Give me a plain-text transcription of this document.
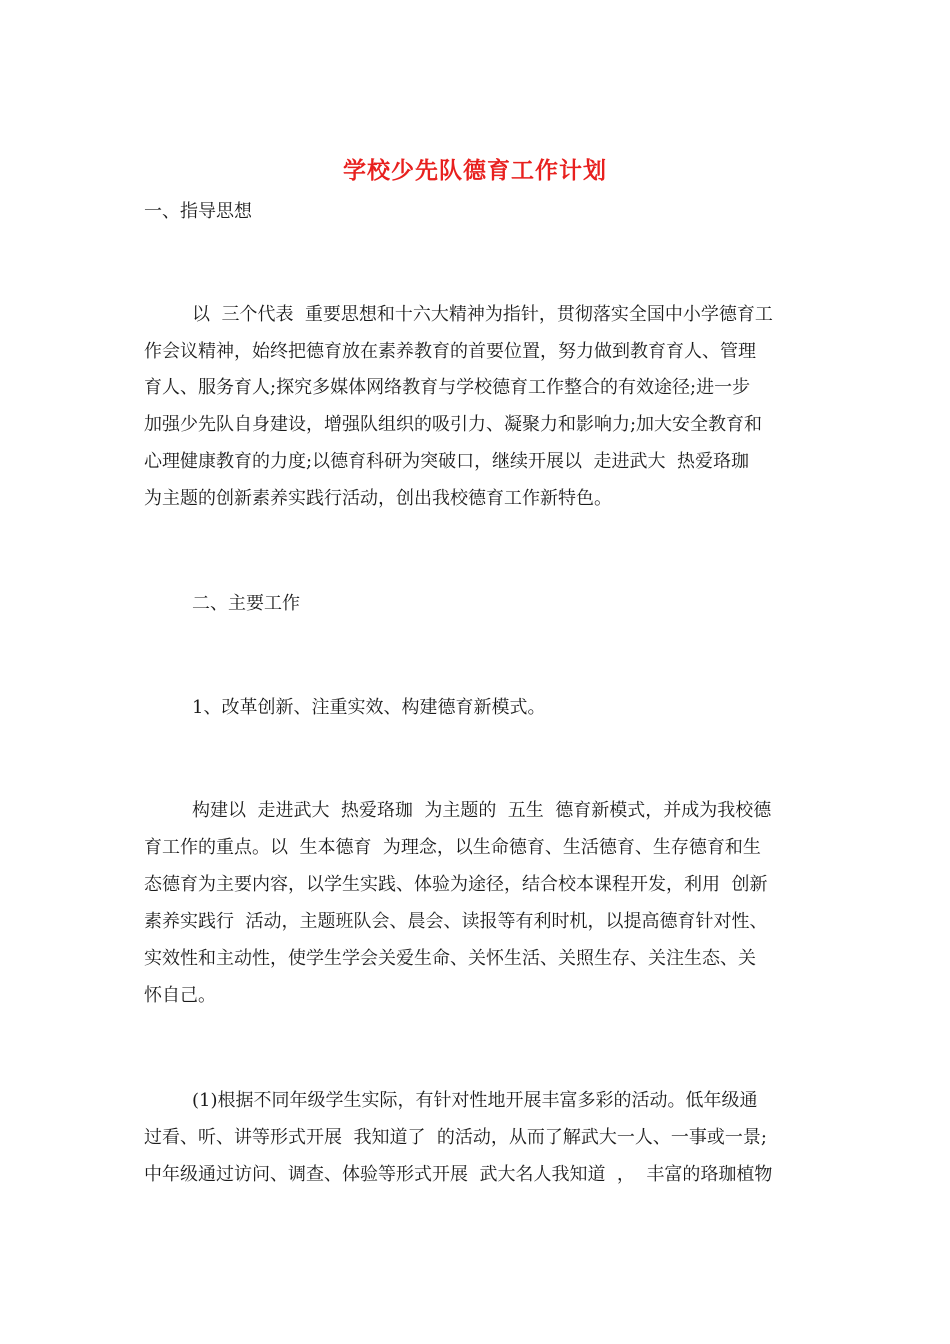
学校少先队德育工作计划
一、指导思想
以  三个代表  重要思想和十六大精神为指针，贯彻落实全国中小学德育工
作会议精神，始终把德育放在素养教育的首要位置，努力做到教育育人、管理
育人、服务育人;探究多媒体网络教育与学校德育工作整合的有效途径;进一步
加强少先队自身建设，增强队组织的吸引力、凝聚力和影响力;加大安全教育和
心理健康教育的力度;以德育科研为突破口，继续开展以  走进武大  热爱珞珈
为主题的创新素养实践行活动，创出我校德育工作新特色。
二、主要工作
1、改革创新、注重实效、构建德育新模式。
构建以  走进武大  热爱珞珈  为主题的  五生  德育新模式，并成为我校德
育工作的重点。以  生本德育  为理念，以生命德育、生活德育、生存德育和生
态德育为主要内容，以学生实践、体验为途径，结合校本课程开发，利用  创新
素养实践行  活动，主题班队会、晨会、读报等有利时机，以提高德育针对性、
实效性和主动性，使学生学会关爱生命、关怀生活、关照生存、关注生态、关
怀自己。
(1)根据不同年级学生实际，有针对性地开展丰富多彩的活动。低年级通
过看、听、讲等形式开展  我知道了  的活动，从而了解武大一人、一事或一景;
中年级通过访问、调查、体验等形式开展  武大名人我知道  ，  丰富的珞珈植物
